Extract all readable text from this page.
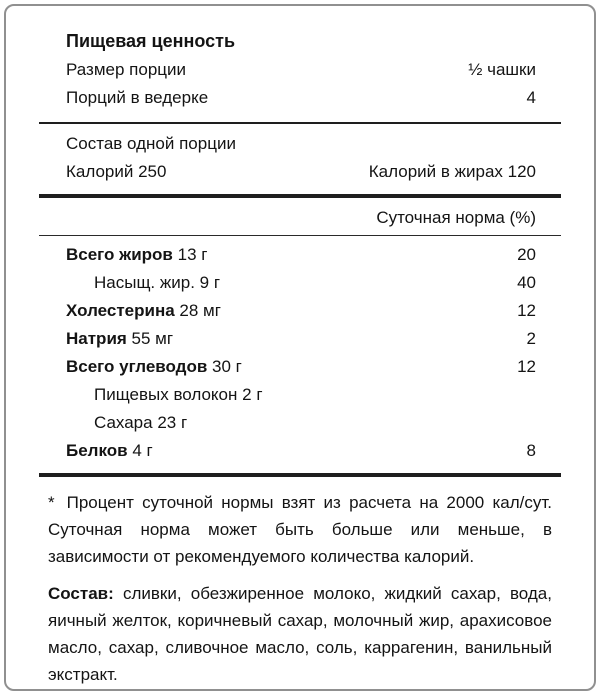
Пищевая ценность
Размер порции	½ чашки
Порций в ведерке	4
Состав одной порции
Калорий 250	Калорий в жирах 120
Суточная норма (%)
Всего жиров 13 г	20
Насыщ. жир. 9 г	40
Холестерина 28 мг	12
Натрия 55 мг	2
Всего углеводов 30 г	12
Пищевых волокон 2 г
Сахара 23 г
Белков 4 г	8

* Процент суточной нормы взят из расчета на 2000 кал/сут. Суточная норма может быть больше или меньше, в зависимости от рекомендуемого количества калорий.

Состав: сливки, обезжиренное молоко, жидкий сахар, вода, яичный желток, коричневый сахар, молочный жир, арахисовое масло, сахар, сливочное масло, соль, каррагенин, ванильный экстракт.
